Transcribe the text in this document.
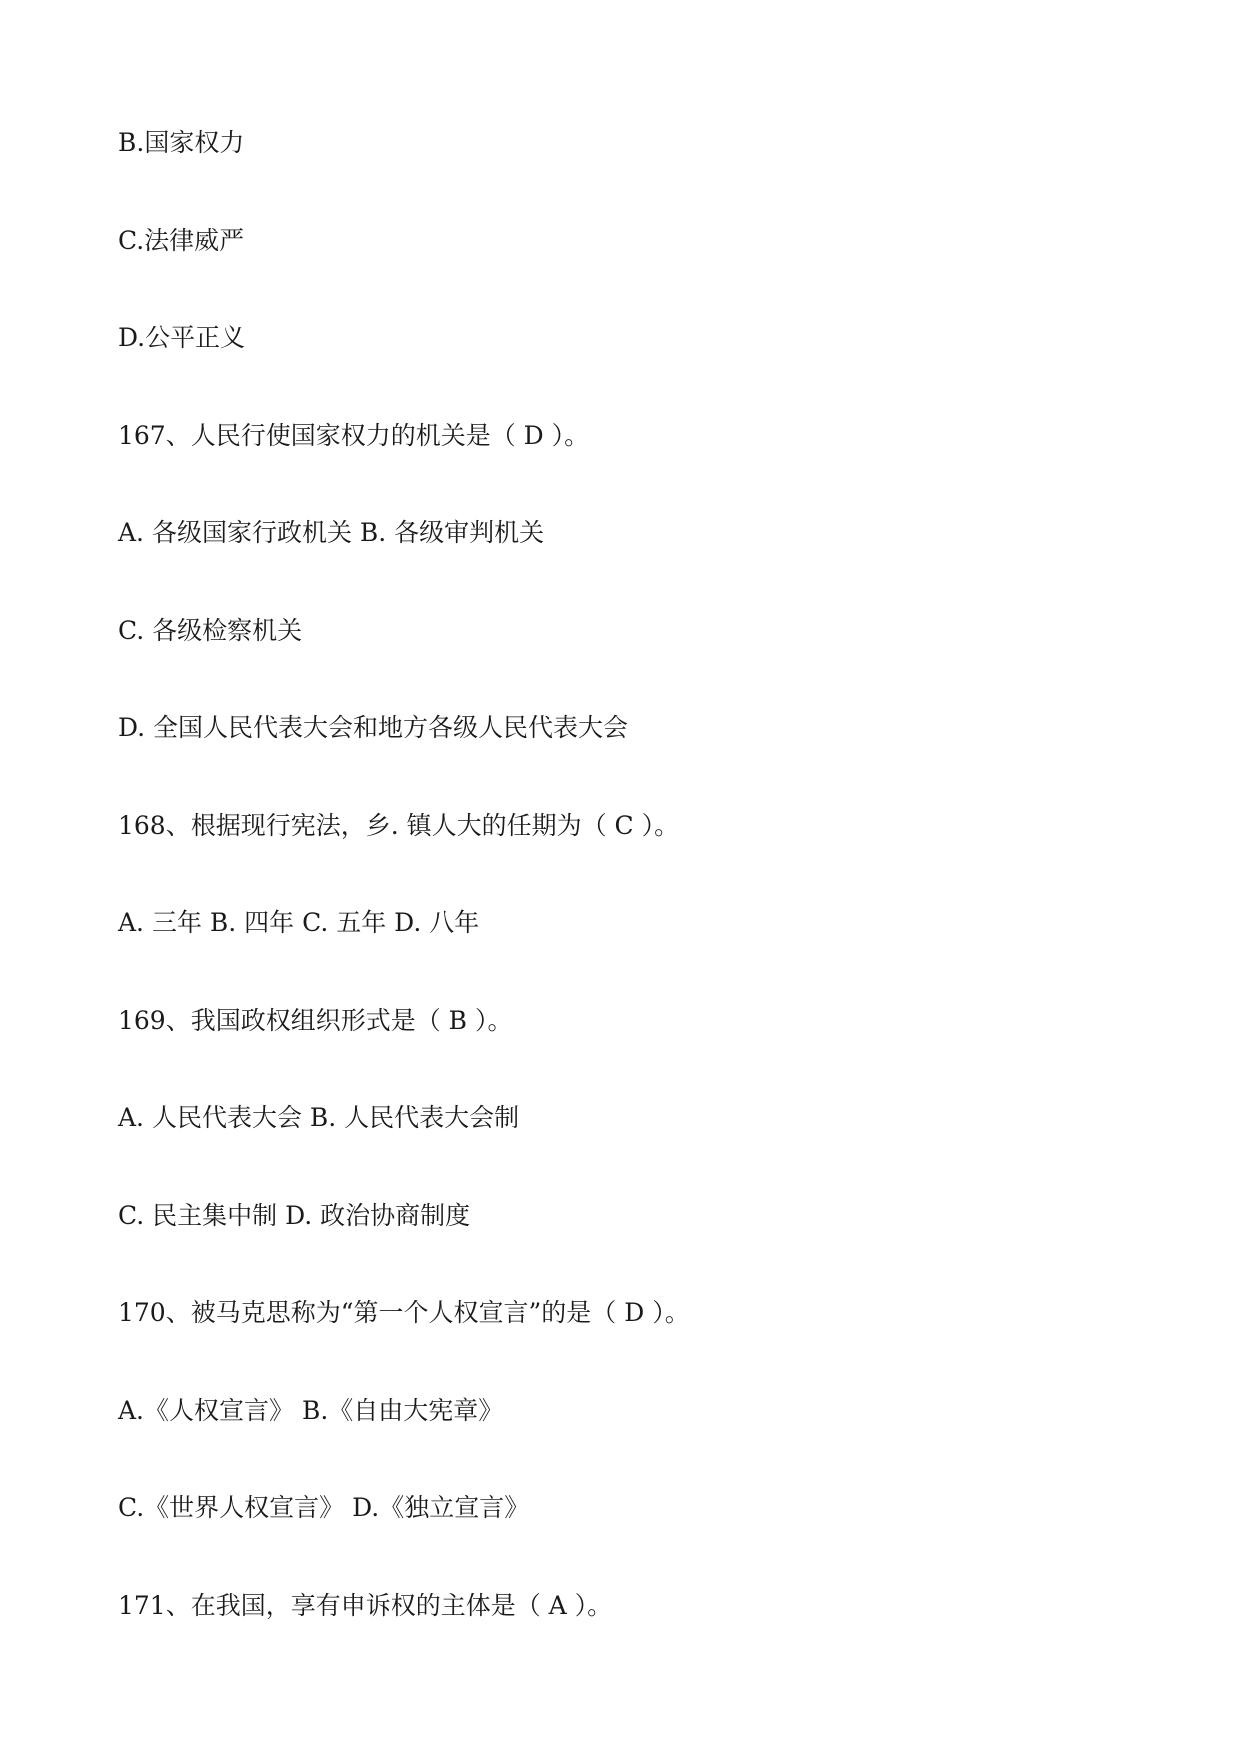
B.国家权力
C.法律威严
D.公平正义
167、人民行使国家权力的机关是（ D ）。
A. 各级国家行政机关 B. 各级审判机关
C. 各级检察机关
D. 全国人民代表大会和地方各级人民代表大会
168、根据现行宪法，乡. 镇人大的任期为（ C ）。
A. 三年 B. 四年 C. 五年 D. 八年
169、我国政权组织形式是（ B ）。
A. 人民代表大会 B. 人民代表大会制
C. 民主集中制 D. 政治协商制度
170、被马克思称为“第一个人权宣言”的是（ D ）。
A.《人权宣言》 B.《自由大宪章》
C.《世界人权宣言》 D.《独立宣言》
171、在我国，享有申诉权的主体是（ A ）。
